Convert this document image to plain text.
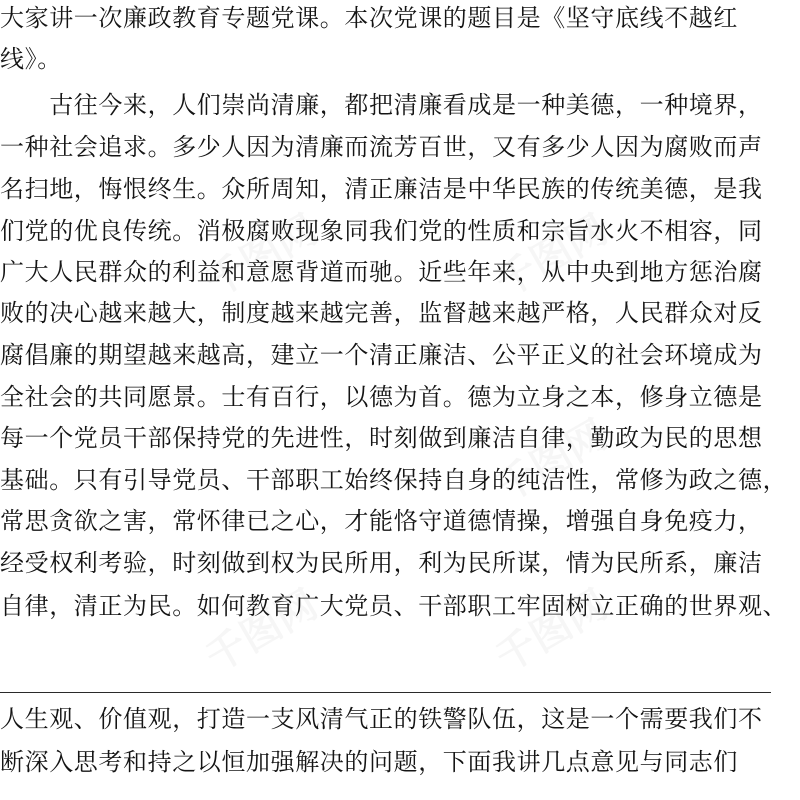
千图网	千图网
千图网
千图网	千图网
大家讲一次廉政教育专题党课。本次党课的题目是《坚守底线不越红
线》。
　　古往今来，人们崇尚清廉，都把清廉看成是一种美德，一种境界，
一种社会追求。多少人因为清廉而流芳百世，又有多少人因为腐败而声
名扫地，悔恨终生。众所周知，清正廉洁是中华民族的传统美德，是我
们党的优良传统。消极腐败现象同我们党的性质和宗旨水火不相容，同
广大人民群众的利益和意愿背道而驰。近些年来，从中央到地方惩治腐
败的决心越来越大，制度越来越完善，监督越来越严格，人民群众对反
腐倡廉的期望越来越高，建立一个清正廉洁、公平正义的社会环境成为
全社会的共同愿景。士有百行，以德为首。德为立身之本，修身立德是
每一个党员干部保持党的先进性，时刻做到廉洁自律，勤政为民的思想
基础。只有引导党员、干部职工始终保持自身的纯洁性，常修为政之德，
常思贪欲之害，常怀律已之心，才能恪守道德情操，增强自身免疫力，
经受权利考验，时刻做到权为民所用，利为民所谋，情为民所系，廉洁
自律，清正为民。如何教育广大党员、干部职工牢固树立正确的世界观、
人生观、价值观，打造一支风清气正的铁警队伍，这是一个需要我们不
断深入思考和持之以恒加强解决的问题，下面我讲几点意见与同志们
